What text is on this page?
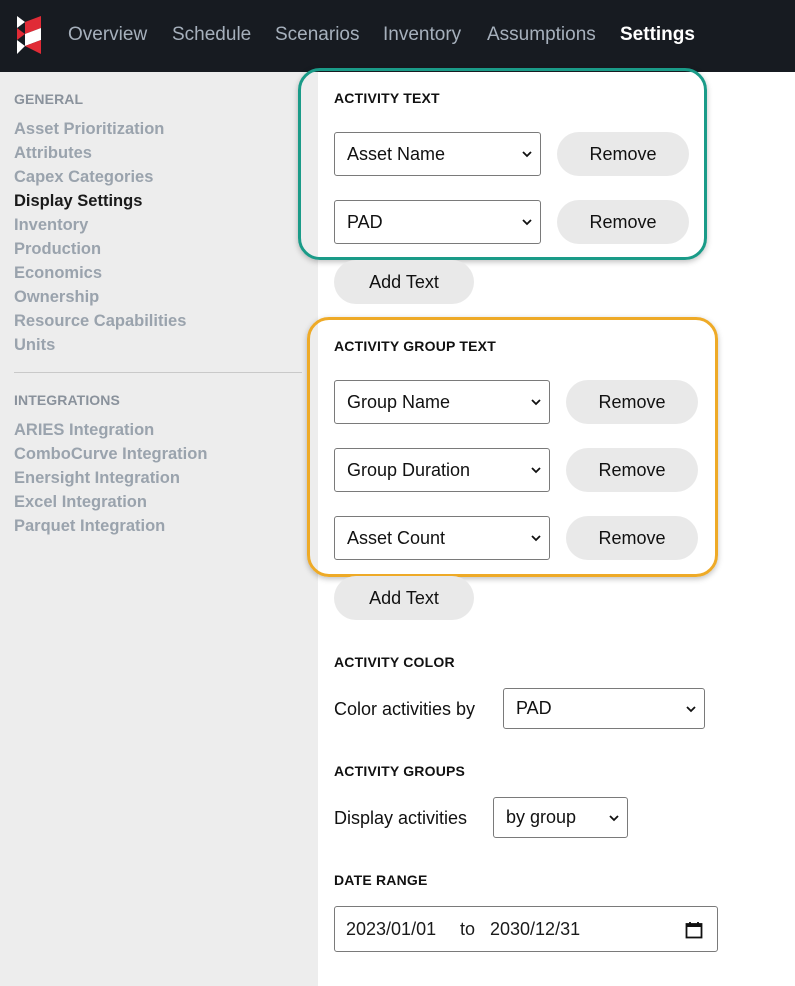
Overview Schedule Scenarios Inventory Assumptions Settings
GENERAL
Asset Prioritization
Attributes
Capex Categories
Display Settings
Inventory
Production
Economics
Ownership
Resource Capabilities
Units
INTEGRATIONS
ARIES Integration
ComboCurve Integration
Enersight Integration
Excel Integration
Parquet Integration
ACTIVITY TEXT
Asset Name	Remove
PAD	Remove
Add Text
ACTIVITY GROUP TEXT
Group Name	Remove
Group Duration	Remove
Asset Count	Remove
Add Text
ACTIVITY COLOR
Color activities by	PAD
ACTIVITY GROUPS
Display activities	by group
DATE RANGE
2023/01/01 to 2030/12/31
